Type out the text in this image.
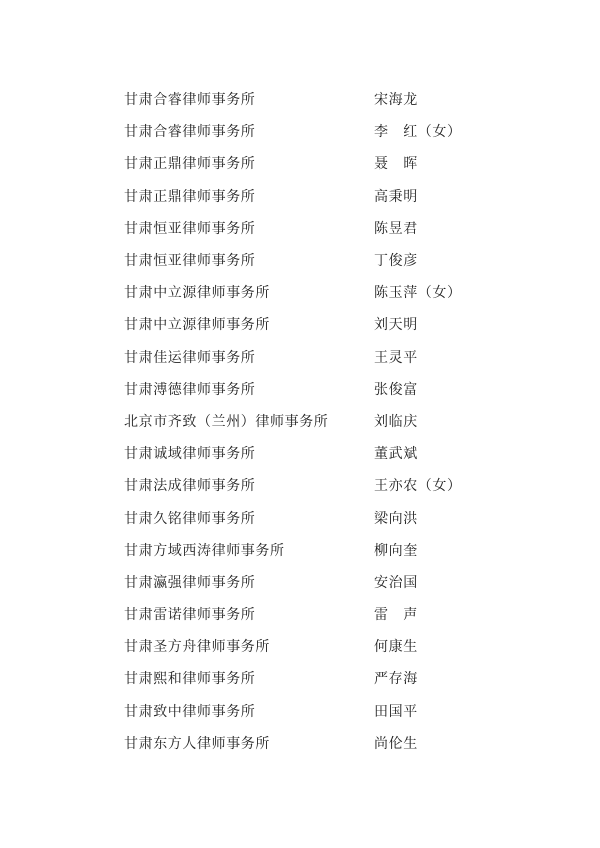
甘肃合睿律师事务所	宋海龙
甘肃合睿律师事务所	李　红（女）
甘肃正鼎律师事务所	聂　晖
甘肃正鼎律师事务所	高秉明
甘肃恒亚律师事务所	陈昱君
甘肃恒亚律师事务所	丁俊彦
甘肃中立源律师事务所	陈玉萍（女）
甘肃中立源律师事务所	刘天明
甘肃佳运律师事务所	王灵平
甘肃溥德律师事务所	张俊富
北京市齐致（兰州）律师事务所	刘临庆
甘肃诚域律师事务所	董武斌
甘肃法成律师事务所	王亦农（女）
甘肃久铭律师事务所	梁向洪
甘肃方域西涛律师事务所	柳向奎
甘肃瀛强律师事务所	安治国
甘肃雷诺律师事务所	雷　声
甘肃圣方舟律师事务所	何康生
甘肃熙和律师事务所	严存海
甘肃致中律师事务所	田国平
甘肃东方人律师事务所	尚伦生
